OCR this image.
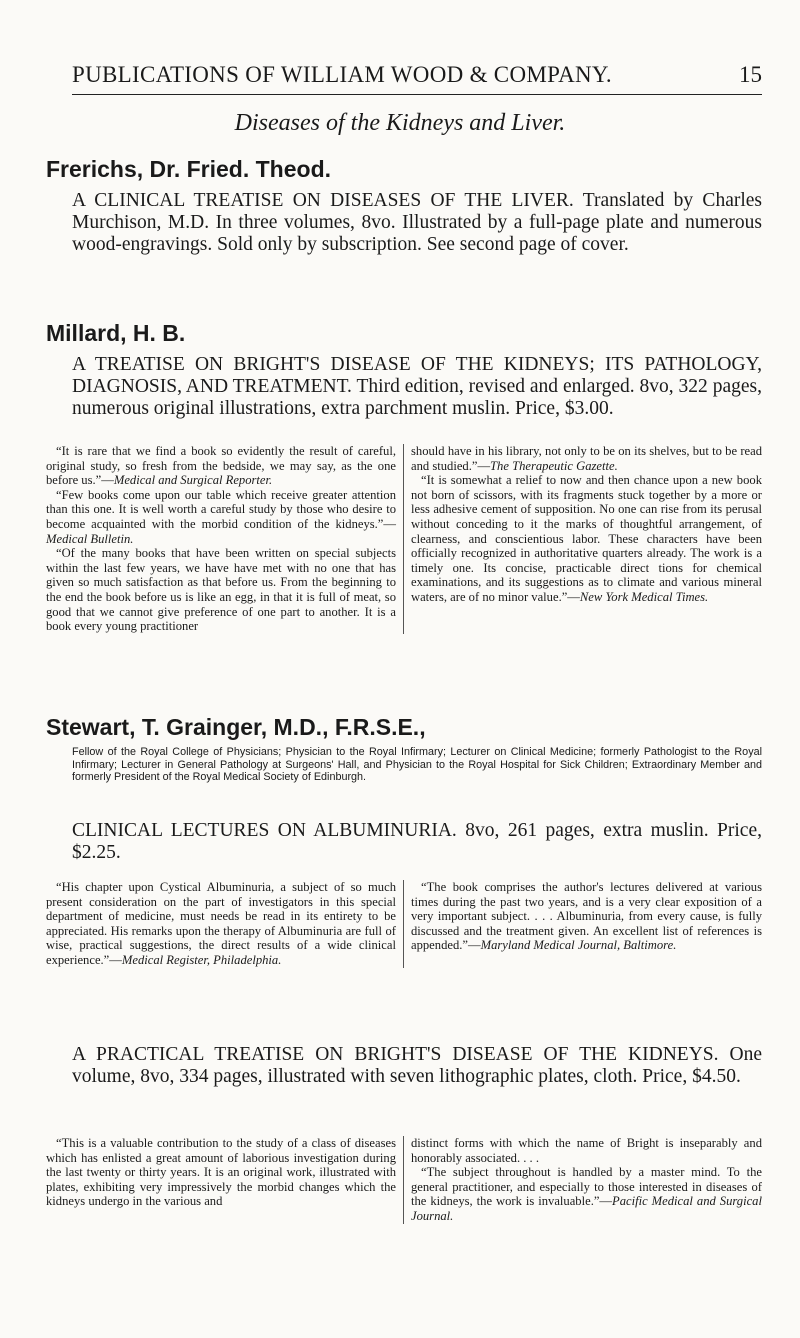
PUBLICATIONS OF WILLIAM WOOD & COMPANY.	15
Diseases of the Kidneys and Liver.
Frerichs, Dr. Fried. Theod.
A CLINICAL TREATISE ON DISEASES OF THE LIVER. Translated by Charles Murchison, M.D. In three volumes, 8vo. Illustrated by a full-page plate and numerous wood-engravings. Sold only by subscription. See second page of cover.
Millard, H. B.
A TREATISE ON BRIGHT'S DISEASE OF THE KIDNEYS; ITS PATHOLOGY, DIAGNOSIS, AND TREATMENT. Third edition, revised and enlarged. 8vo, 322 pages, numerous original illustrations, extra parchment muslin. Price, $3.00.

“It is rare that we find a book so evidently the result of careful, original study, so fresh from the bedside, we may say, as the one before us.”—Medical and Surgical Reporter.

“Few books come upon our table which receive greater attention than this one. It is well worth a careful study by those who desire to become acquainted with the morbid condition of the kidneys.”—Medical Bulletin.

“Of the many books that have been written on special subjects within the last few years, we have have met with no one that has given so much satisfaction as that before us. From the beginning to the end the book before us is like an egg, in that it is full of meat, so good that we cannot give preference of one part to another. It is a book every young practitioner

should have in his library, not only to be on its shelves, but to be read and studied.”—The Therapeutic Gazette.

“It is somewhat a relief to now and then chance upon a new book not born of scissors, with its fragments stuck together by a more or less adhesive cement of supposition. No one can rise from its perusal without conceding to it the marks of thoughtful arrangement, of clearness, and conscientious labor. These characters have been officially recognized in authoritative quarters already. The work is a timely one. Its concise, practicable direct tions for chemical examinations, and its suggestions as to climate and various mineral waters, are of no minor value.”—New York Medical Times.

Stewart, T. Grainger, M.D., F.R.S.E.,
Fellow of the Royal College of Physicians; Physician to the Royal Infirmary; Lecturer on Clinical Medicine; formerly Pathologist to the Royal Infirmary; Lecturer in General Pathology at Surgeons' Hall, and Physician to the Royal Hospital for Sick Children; Extraordinary Member and formerly President of the Royal Medical Society of Edinburgh.
CLINICAL LECTURES ON ALBUMINURIA. 8vo, 261 pages, extra muslin. Price, $2.25.

“His chapter upon Cystical Albuminuria, a subject of so much present consideration on the part of investigators in this special department of medicine, must needs be read in its entirety to be appreciated. His remarks upon the therapy of Albuminuria are full of wise, practical suggestions, the direct results of a wide clinical experience.”—Medical Register, Philadelphia.

“The book comprises the author's lectures delivered at various times during the past two years, and is a very clear exposition of a very important subject. . . . Albuminuria, from every cause, is fully discussed and the treatment given. An excellent list of references is appended.”—Maryland Medical Journal, Baltimore.

A PRACTICAL TREATISE ON BRIGHT'S DISEASE OF THE KIDNEYS. One volume, 8vo, 334 pages, illustrated with seven lithographic plates, cloth. Price, $4.50.

“This is a valuable contribution to the study of a class of diseases which has enlisted a great amount of laborious investigation during the last twenty or thirty years. It is an original work, illustrated with plates, exhibiting very impressively the morbid changes which the kidneys undergo in the various and

distinct forms with which the name of Bright is inseparably and honorably associated. . . .

“The subject throughout is handled by a master mind. To the general practitioner, and especially to those interested in diseases of the kidneys, the work is invaluable.”—Pacific Medical and Surgical Journal.
